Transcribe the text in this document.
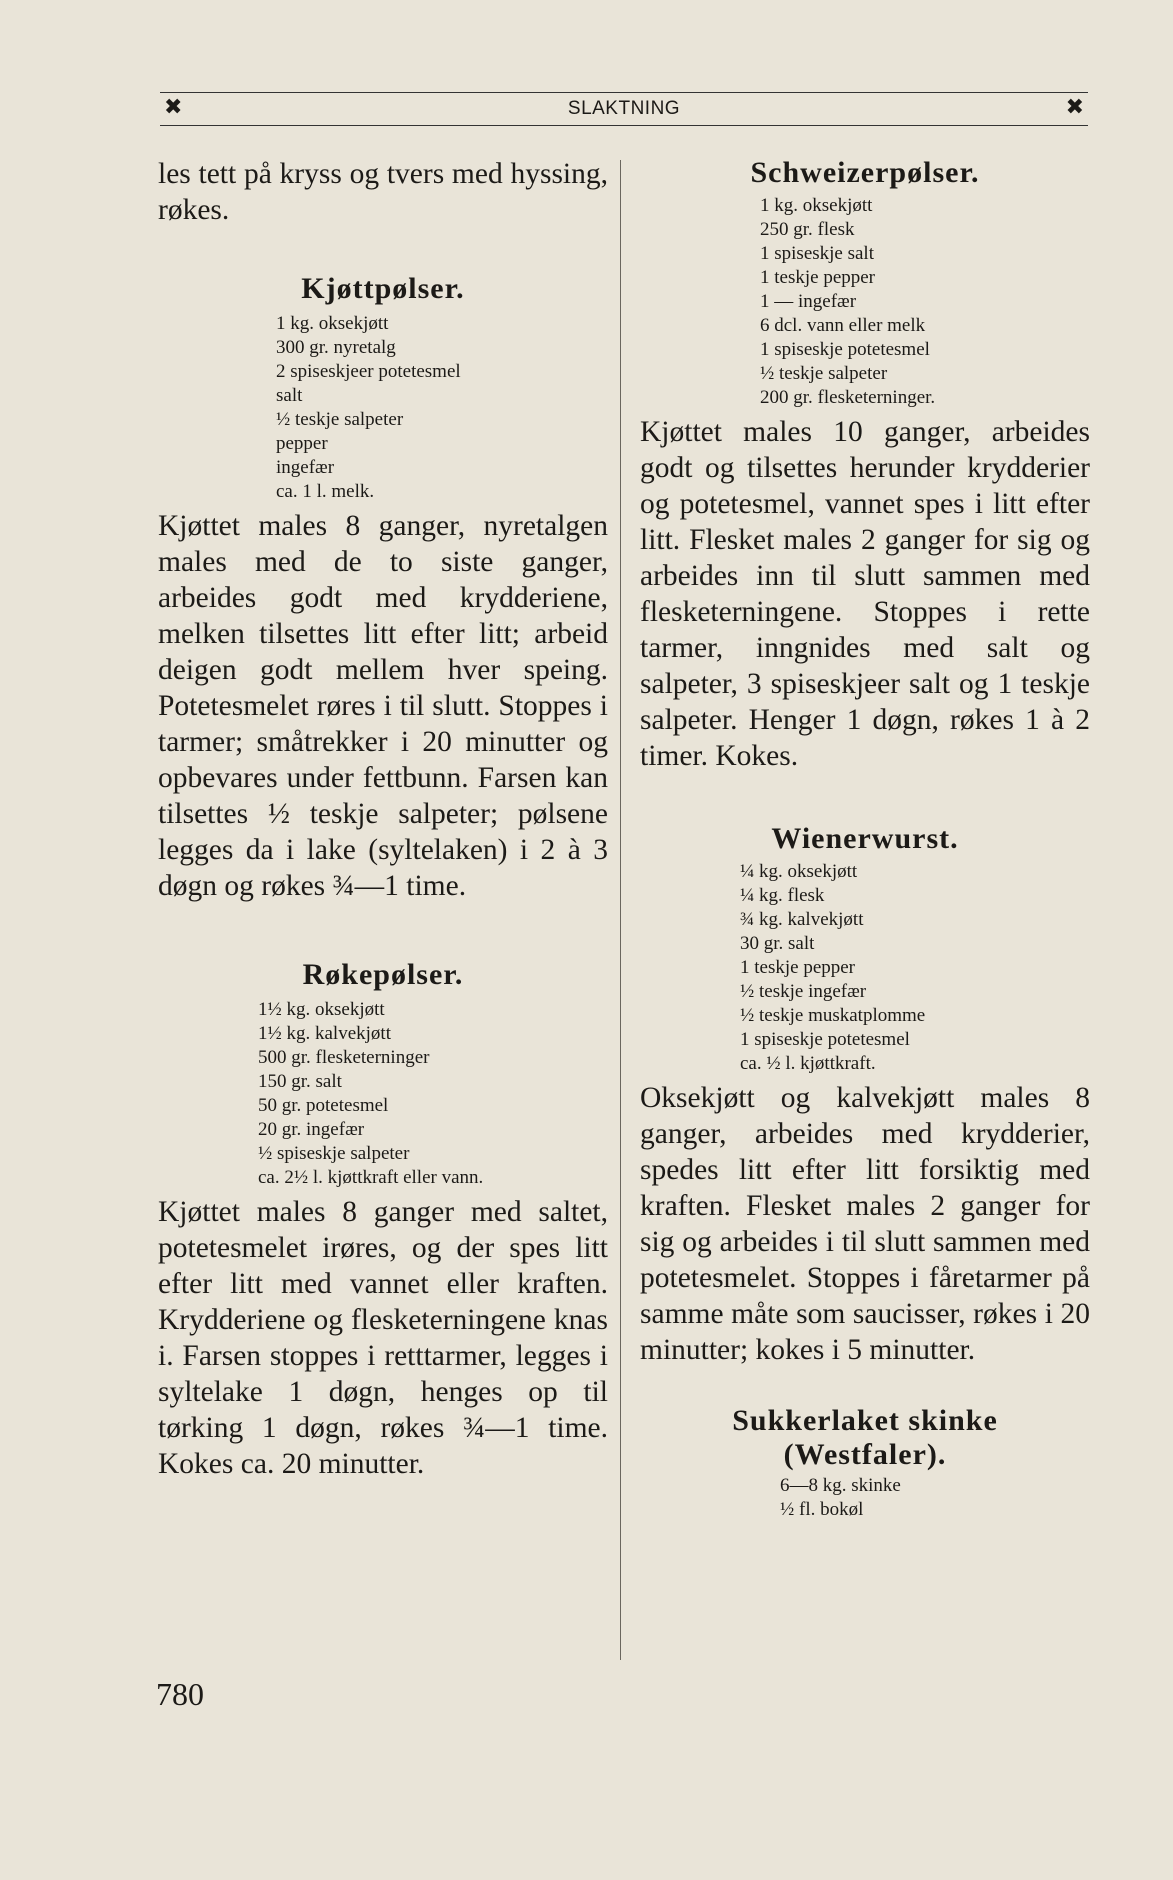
✖	SLAKTNING	✖

les tett på kryss og tvers med hyssing, røkes.

Kjøttpølser.
1 kg. oksekjøtt
300 gr. nyretalg
2 spiseskjeer potetesmel
salt
½ teskje salpeter
pepper
ingefær
ca. 1 l. melk.

Kjøttet males 8 ganger, nyretalgen males med de to siste ganger, arbeides godt med krydderiene, melken tilsettes litt efter litt; arbeid deigen godt mellem hver speing. Potetesmelet røres i til slutt. Stoppes i tarmer; småtrekker i 20 minutter og opbevares under fettbunn. Farsen kan tilsettes ½ teskje salpeter; pølsene legges da i lake (syltelaken) i 2 à 3 døgn og røkes ¾—1 time.

Røkepølser.
1½ kg. oksekjøtt
1½ kg. kalvekjøtt
500 gr. flesketerninger
150 gr. salt
50 gr. potetesmel
20 gr. ingefær
½ spiseskje salpeter
ca. 2½ l. kjøttkraft eller vann.

Kjøttet males 8 ganger med saltet, potetesmelet irøres, og der spes litt efter litt med vannet eller kraften. Krydderiene og flesketerningene knas i. Farsen stoppes i retttarmer, legges i syltelake 1 døgn, henges op til tørking 1 døgn, røkes ¾—1 time. Kokes ca. 20 minutter.

Schweizerpølser.
1 kg. oksekjøtt
250 gr. flesk
1 spiseskje salt
1 teskje pepper
1 — ingefær
6 dcl. vann eller melk
1 spiseskje potetesmel
½ teskje salpeter
200 gr. flesketerninger.

Kjøttet males 10 ganger, arbeides godt og tilsettes herunder krydderier og potetesmel, vannet spes i litt efter litt. Flesket males 2 ganger for sig og arbeides inn til slutt sammen med flesketerningene. Stoppes i rette tarmer, inngnides med salt og salpeter, 3 spiseskjeer salt og 1 teskje salpeter. Henger 1 døgn, røkes 1 à 2 timer. Kokes.

Wienerwurst.
¼ kg. oksekjøtt
¼ kg. flesk
¾ kg. kalvekjøtt
30 gr. salt
1 teskje pepper
½ teskje ingefær
½ teskje muskatplomme
1 spiseskje potetesmel
ca. ½ l. kjøttkraft.

Oksekjøtt og kalvekjøtt males 8 ganger, arbeides med krydderier, spedes litt efter litt forsiktig med kraften. Flesket males 2 ganger for sig og arbeides i til slutt sammen med potetesmelet. Stoppes i fåretarmer på samme måte som saucisser, røkes i 20 minutter; kokes i 5 minutter.

Sukkerlaket skinke
(Westfaler).
6—8 kg. skinke
½ fl. bokøl
780
